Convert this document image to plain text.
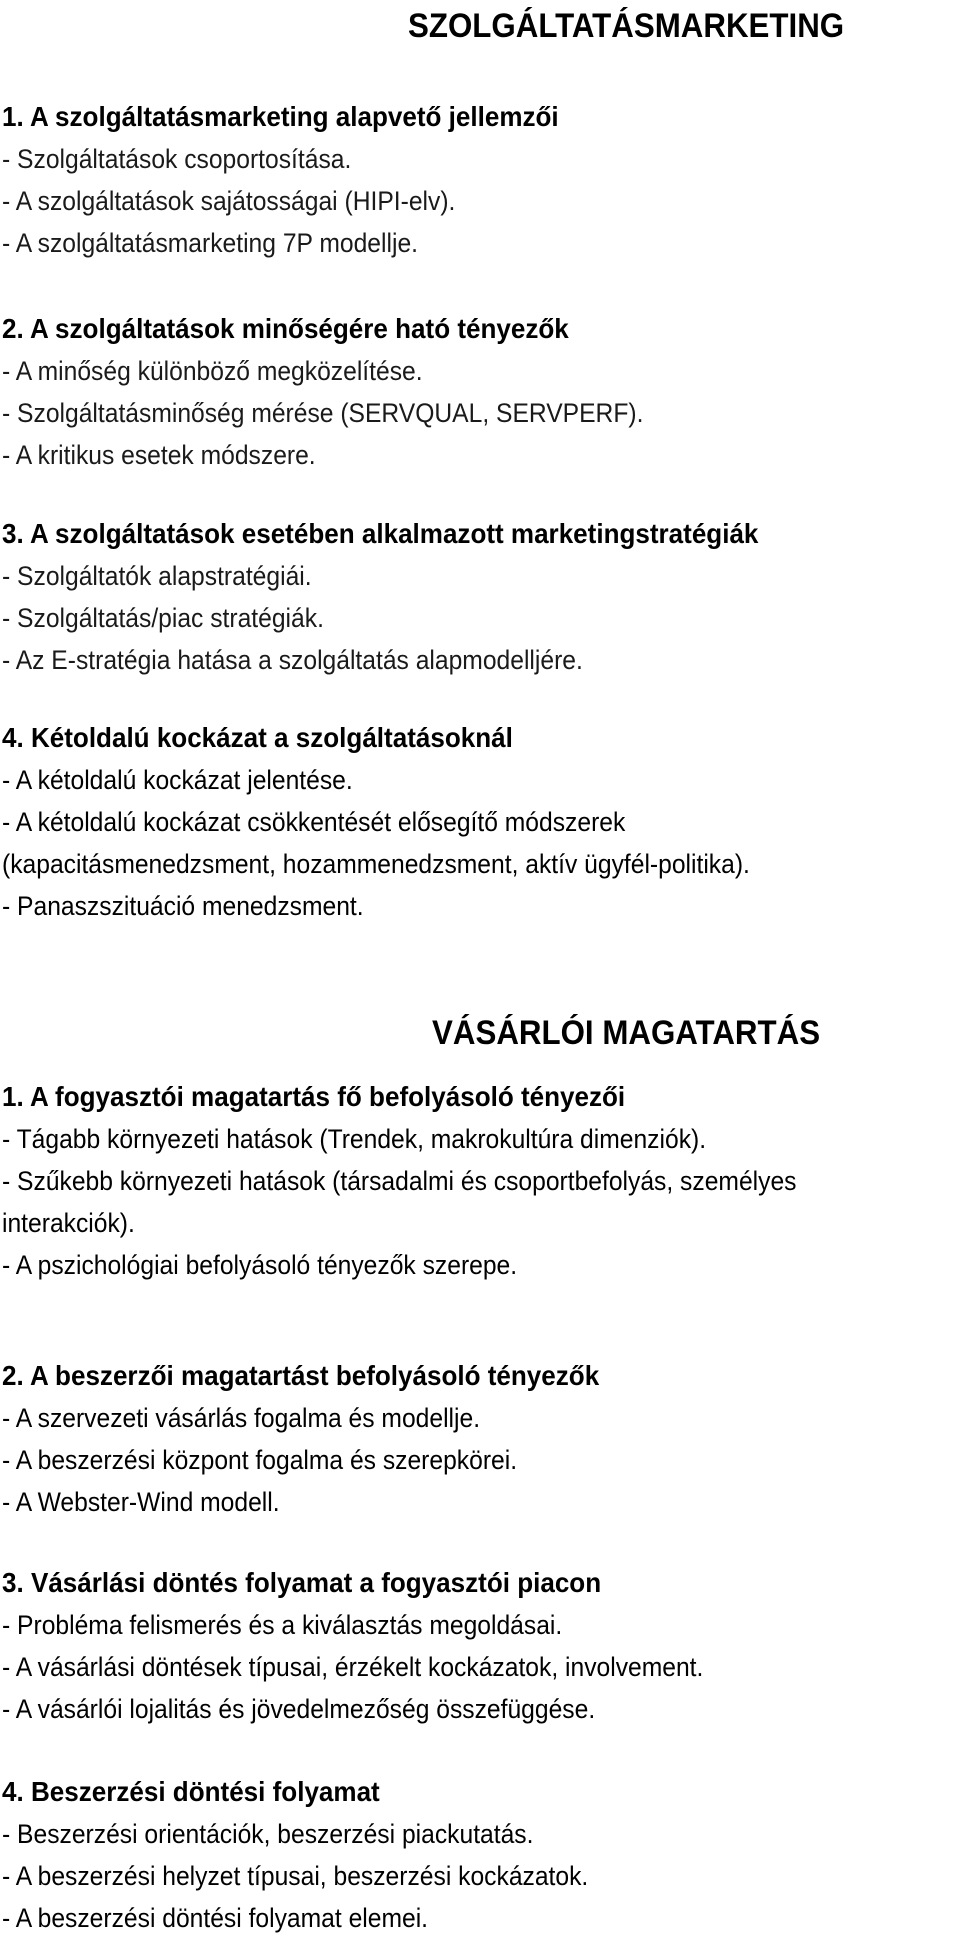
SZOLGÁLTATÁSMARKETING
1. A szolgáltatásmarketing alapvető jellemzői

- Szolgáltatások csoportosítása.

- A szolgáltatások sajátosságai (HIPI-elv).

- A szolgáltatásmarketing 7P modellje.

2. A szolgáltatások minőségére ható tényezők

- A minőség különböző megközelítése.

- Szolgáltatásminőség mérése (SERVQUAL, SERVPERF).

- A kritikus esetek módszere.

3. A szolgáltatások esetében alkalmazott marketingstratégiák

- Szolgáltatók alapstratégiái.

- Szolgáltatás/piac stratégiák.

- Az E-stratégia hatása a szolgáltatás alapmodelljére.

4. Kétoldalú kockázat a szolgáltatásoknál

- A kétoldalú kockázat jelentése.

- A kétoldalú kockázat csökkentését elősegítő módszerek

(kapacitásmenedzsment, hozammenedzsment, aktív ügyfél-politika).

- Panaszszituáció menedzsment.

VÁSÁRLÓI MAGATARTÁS
1. A fogyasztói magatartás fő befolyásoló tényezői

- Tágabb környezeti hatások (Trendek, makrokultúra dimenziók).

- Szűkebb környezeti hatások (társadalmi és csoportbefolyás, személyes

interakciók).

- A pszichológiai befolyásoló tényezők szerepe.

2. A beszerzői magatartást befolyásoló tényezők

- A szervezeti vásárlás fogalma és modellje.

- A beszerzési központ fogalma és szerepkörei.

- A Webster-Wind modell.

3. Vásárlási döntés folyamat a fogyasztói piacon

- Probléma felismerés és a kiválasztás megoldásai.

- A vásárlási döntések típusai, érzékelt kockázatok, involvement.

- A vásárlói lojalitás és jövedelmezőség összefüggése.

4. Beszerzési döntési folyamat

- Beszerzési orientációk, beszerzési piackutatás.

- A beszerzési helyzet típusai, beszerzési kockázatok.

- A beszerzési döntési folyamat elemei.
